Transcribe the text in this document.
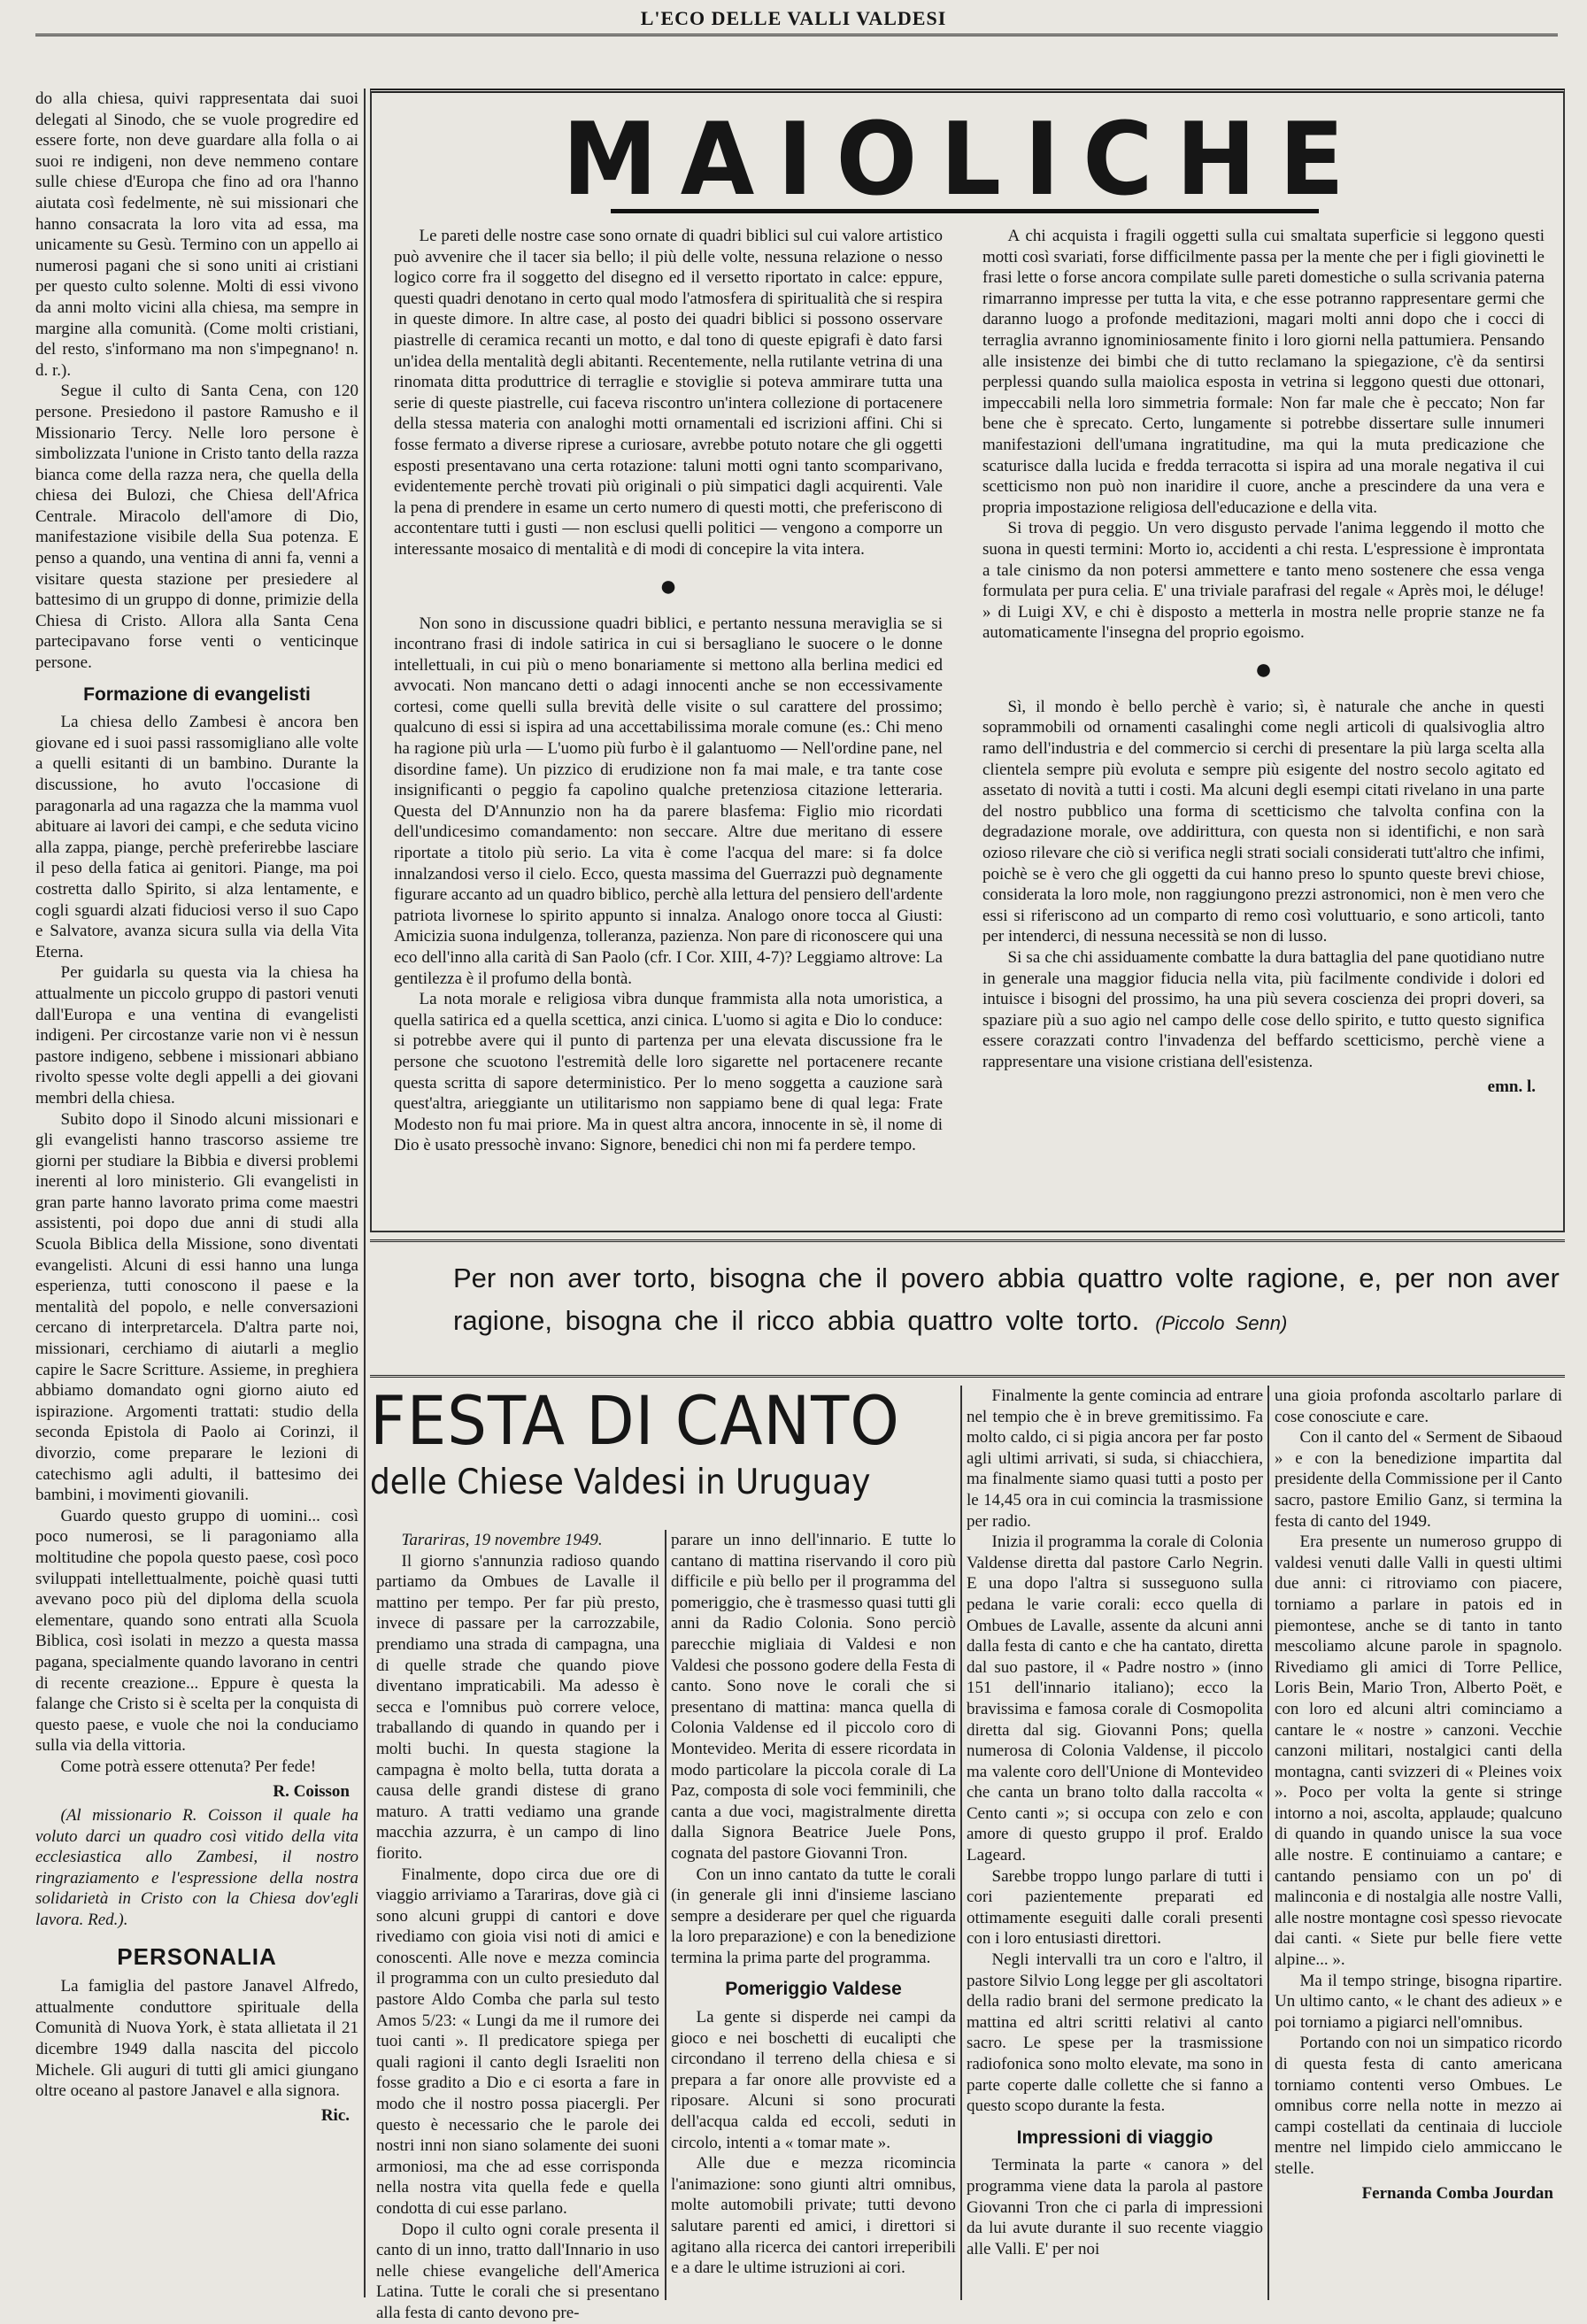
L'ECO DELLE VALLI VALDESI

do alla chiesa, quivi rappresentata dai suoi delegati al Sinodo, che se vuole progredire ed essere forte, non deve guardare alla folla o ai suoi re indigeni, non deve nemmeno contare sulle chiese d'Europa che fino ad ora l'hanno aiutata così fedelmente, nè sui missionari che hanno consacrata la loro vita ad essa, ma unicamente su Gesù. Termino con un appello ai numerosi pagani che si sono uniti ai cristiani per questo culto solenne. Molti di essi vivono da anni molto vicini alla chiesa, ma sempre in margine alla comunità. (Come molti cristiani, del resto, s'informano ma non s'impegnano! n. d. r.).

Segue il culto di Santa Cena, con 120 persone. Presiedono il pastore Ramusho e il Missionario Tercy. Nelle loro persone è simbolizzata l'unione in Cristo tanto della razza bianca come della razza nera, che quella della chiesa dei Bulozi, che Chiesa dell'Africa Centrale. Miracolo dell'amore di Dio, manifestazione visibile della Sua potenza. E penso a quando, una ventina di anni fa, venni a visitare questa stazione per presiedere al battesimo di un gruppo di donne, primizie della Chiesa di Cristo. Allora alla Santa Cena partecipavano forse venti o venticinque persone.

Formazione di evangelisti

La chiesa dello Zambesi è ancora ben giovane ed i suoi passi rassomigliano alle volte a quelli esitanti di un bambino. Durante la discussione, ho avuto l'occasione di paragonarla ad una ragazza che la mamma vuol abituare ai lavori dei campi, e che seduta vicino alla zappa, piange, perchè preferirebbe lasciare il peso della fatica ai genitori. Piange, ma poi costretta dallo Spirito, si alza lentamente, e cogli sguardi alzati fiduciosi verso il suo Capo e Salvatore, avanza sicura sulla via della Vita Eterna.

Per guidarla su questa via la chiesa ha attualmente un piccolo gruppo di pastori venuti dall'Europa e una ventina di evangelisti indigeni. Per circostanze varie non vi è nessun pastore indigeno, sebbene i missionari abbiano rivolto spesse volte degli appelli a dei giovani membri della chiesa.

Subito dopo il Sinodo alcuni missionari e gli evangelisti hanno trascorso assieme tre giorni per studiare la Bibbia e diversi problemi inerenti al loro ministerio. Gli evangelisti in gran parte hanno lavorato prima come maestri assistenti, poi dopo due anni di studi alla Scuola Biblica della Missione, sono diventati evangelisti. Alcuni di essi hanno una lunga esperienza, tutti conoscono il paese e la mentalità del popolo, e nelle conversazioni cercano di interpretarcela. D'altra parte noi, missionari, cerchiamo di aiutarli a meglio capire le Sacre Scritture. Assieme, in preghiera abbiamo domandato ogni giorno aiuto ed ispirazione. Argomenti trattati: studio della seconda Epistola di Paolo ai Corinzi, il divorzio, come preparare le lezioni di catechismo agli adulti, il battesimo dei bambini, i movimenti giovanili.

Guardo questo gruppo di uomini... così poco numerosi, se li paragoniamo alla moltitudine che popola questo paese, così poco sviluppati intellettualmente, poichè quasi tutti avevano poco più del diploma della scuola elementare, quando sono entrati alla Scuola Biblica, così isolati in mezzo a questa massa pagana, specialmente quando lavorano in centri di recente creazione... Eppure è questa la falange che Cristo si è scelta per la conquista di questo paese, e vuole che noi la conduciamo sulla via della vittoria.

Come potrà essere ottenuta? Per fede!

R. Coisson

(Al missionario R. Coisson il quale ha voluto darci un quadro così vitido della vita ecclesiastica allo Zambesi, il nostro ringraziamento e l'espressione della nostra solidarietà in Cristo con la Chiesa dov'egli lavora. Red.).

PERSONALIA

La famiglia del pastore Janavel Alfredo, attualmente conduttore spirituale della Comunità di Nuova York, è stata allietata il 21 dicembre 1949 dalla nascita del piccolo Michele. Gli auguri di tutti gli amici giungano oltre oceano al pastore Janavel e alla signora.

Ric.

MAIOLICHE

Le pareti delle nostre case sono ornate di quadri biblici sul cui valore artistico può avvenire che il tacer sia bello; il più delle volte, nessuna relazione o nesso logico corre fra il soggetto del disegno ed il versetto riportato in calce: eppure, questi quadri denotano in certo qual modo l'atmosfera di spiritualità che si respira in queste dimore. In altre case, al posto dei quadri biblici si possono osservare piastrelle di ceramica recanti un motto, e dal tono di queste epigrafi è dato farsi un'idea della mentalità degli abitanti. Recentemente, nella rutilante vetrina di una rinomata ditta produttrice di terraglie e stoviglie si poteva ammirare tutta una serie di queste piastrelle, cui faceva riscontro un'intera collezione di portacenere della stessa materia con analoghi motti ornamentali ed iscrizioni affini. Chi si fosse fermato a diverse riprese a curiosare, avrebbe potuto notare che gli oggetti esposti presentavano una certa rotazione: taluni motti ogni tanto scomparivano, evidentemente perchè trovati più originali o più simpatici dagli acquirenti. Vale la pena di prendere in esame un certo numero di questi motti, che preferiscono di accontentare tutti i gusti — non esclusi quelli politici — vengono a comporre un interessante mosaico di mentalità e di modi di concepire la vita intera.

●

Non sono in discussione quadri biblici, e pertanto nessuna meraviglia se si incontrano frasi di indole satirica in cui si bersagliano le suocere o le donne intellettuali, in cui più o meno bonariamente si mettono alla berlina medici ed avvocati. Non mancano detti o adagi innocenti anche se non eccessivamente cortesi, come quelli sulla brevità delle visite o sul carattere del prossimo; qualcuno di essi si ispira ad una accettabilissima morale comune (es.: Chi meno ha ragione più urla — L'uomo più furbo è il galantuomo — Nell'ordine pane, nel disordine fame). Un pizzico di erudizione non fa mai male, e tra tante cose insignificanti o peggio fa capolino qualche pretenziosa citazione letteraria. Questa del D'Annunzio non ha da parere blasfema: Figlio mio ricordati dell'undicesimo comandamento: non seccare. Altre due meritano di essere riportate a titolo più serio. La vita è come l'acqua del mare: si fa dolce innalzandosi verso il cielo. Ecco, questa massima del Guerrazzi può degnamente figurare accanto ad un quadro biblico, perchè alla lettura del pensiero dell'ardente patriota livornese lo spirito appunto si innalza. Analogo onore tocca al Giusti: Amicizia suona indulgenza, tolleranza, pazienza. Non pare di riconoscere qui una eco dell'inno alla carità di San Paolo (cfr. I Cor. XIII, 4-7)? Leggiamo altrove: La gentilezza è il profumo della bontà.

La nota morale e religiosa vibra dunque frammista alla nota umoristica, a quella satirica ed a quella scettica, anzi cinica. L'uomo si agita e Dio lo conduce: si potrebbe avere qui il punto di partenza per una elevata discussione fra le persone che scuotono l'estremità delle loro sigarette nel portacenere recante questa scritta di sapore deterministico. Per lo meno soggetta a cauzione sarà quest'altra, arieggiante un utilitarismo non sappiamo bene di qual lega: Frate Modesto non fu mai priore. Ma in quest altra ancora, innocente in sè, il nome di Dio è usato pressochè invano: Signore, benedici chi non mi fa perdere tempo.

A chi acquista i fragili oggetti sulla cui smaltata superficie si leggono questi motti così svariati, forse difficilmente passa per la mente che per i figli giovinetti le frasi lette o forse ancora compilate sulle pareti domestiche o sulla scrivania paterna rimarranno impresse per tutta la vita, e che esse potranno rappresentare germi che daranno luogo a profonde meditazioni, magari molti anni dopo che i cocci di terraglia avranno ignominiosamente finito i loro giorni nella pattumiera. Pensando alle insistenze dei bimbi che di tutto reclamano la spiegazione, c'è da sentirsi perplessi quando sulla maiolica esposta in vetrina si leggono questi due ottonari, impeccabili nella loro simmetria formale: Non far male che è peccato; Non far bene che è sprecato. Certo, lungamente si potrebbe dissertare sulle innumeri manifestazioni dell'umana ingratitudine, ma qui la muta predicazione che scaturisce dalla lucida e fredda terracotta si ispira ad una morale negativa il cui scetticismo non può non inaridire il cuore, anche a prescindere da una vera e propria impostazione religiosa dell'educazione e della vita.

Si trova di peggio. Un vero disgusto pervade l'anima leggendo il motto che suona in questi termini: Morto io, accidenti a chi resta. L'espressione è improntata a tale cinismo da non potersi ammettere e tanto meno sostenere che essa venga formulata per pura celia. E' una triviale parafrasi del regale « Après moi, le déluge! » di Luigi XV, e chi è disposto a metterla in mostra nelle proprie stanze ne fa automaticamente l'insegna del proprio egoismo.

●

Sì, il mondo è bello perchè è vario; sì, è naturale che anche in questi soprammobili od ornamenti casalinghi come negli articoli di qualsivoglia altro ramo dell'industria e del commercio si cerchi di presentare la più larga scelta alla clientela sempre più evoluta e sempre più esigente del nostro secolo agitato ed assetato di novità a tutti i costi. Ma alcuni degli esempi citati rivelano in una parte del nostro pubblico una forma di scetticismo che talvolta confina con la degradazione morale, ove addirittura, con questa non si identifichi, e non sarà ozioso rilevare che ciò si verifica negli strati sociali considerati tutt'altro che infimi, poichè se è vero che gli oggetti da cui hanno preso lo spunto queste brevi chiose, considerata la loro mole, non raggiungono prezzi astronomici, non è men vero che essi si riferiscono ad un comparto di remo così voluttuario, e sono articoli, tanto per intenderci, di nessuna necessità se non di lusso.

Si sa che chi assiduamente combatte la dura battaglia del pane quotidiano nutre in generale una maggior fiducia nella vita, più facilmente condivide i dolori ed intuisce i bisogni del prossimo, ha una più severa coscienza dei propri doveri, sa spaziare più a suo agio nel campo delle cose dello spirito, e tutto questo significa essere corazzati contro l'invadenza del beffardo scetticismo, perchè viene a rappresentare una visione cristiana dell'esistenza.

emn. l.

Per non aver torto, bisogna che il povero abbia quattro volte ragione, e, per non aver ragione, bisogna che il ricco abbia quattro volte torto. (Piccolo Senn)
FESTA DI CANTO
delle Chiese Valdesi in Uruguay

Tarariras, 19 novembre 1949.

Il giorno s'annunzia radioso quando partiamo da Ombues de Lavalle il mattino per tempo. Per far più presto, invece di passare per la carrozzabile, prendiamo una strada di campagna, una di quelle strade che quando piove diventano impraticabili. Ma adesso è secca e l'omnibus può correre veloce, traballando di quando in quando per i molti buchi. In questa stagione la campagna è molto bella, tutta dorata a causa delle grandi distese di grano maturo. A tratti vediamo una grande macchia azzurra, è un campo di lino fiorito.

Finalmente, dopo circa due ore di viaggio arriviamo a Tarariras, dove già ci sono alcuni gruppi di cantori e dove rivediamo con gioia visi noti di amici e conoscenti. Alle nove e mezza comincia il programma con un culto presieduto dal pastore Aldo Comba che parla sul testo Amos 5/23: « Lungi da me il rumore dei tuoi canti ». Il predicatore spiega per quali ragioni il canto degli Israeliti non fosse gradito a Dio e ci esorta a fare in modo che il nostro possa piacergli. Per questo è necessario che le parole dei nostri inni non siano solamente dei suoni armoniosi, ma che ad esse corrisponda nella nostra vita quella fede e quella condotta di cui esse parlano.

Dopo il culto ogni corale presenta il canto di un inno, tratto dall'Innario in uso nelle chiese evangeliche dell'America Latina. Tutte le corali che si presentano alla festa di canto devono pre-

parare un inno dell'innario. E tutte lo cantano di mattina riservando il coro più difficile e più bello per il programma del pomeriggio, che è trasmesso quasi tutti gli anni da Radio Colonia. Sono perciò parecchie migliaia di Valdesi e non Valdesi che possono godere della Festa di canto. Sono nove le corali che si presentano di mattina: manca quella di Colonia Valdense ed il piccolo coro di Montevideo. Merita di essere ricordata in modo particolare la piccola corale di La Paz, composta di sole voci femminili, che canta a due voci, magistralmente diretta dalla Signora Beatrice Juele Pons, cognata del pastore Giovanni Tron.

Con un inno cantato da tutte le corali (in generale gli inni d'insieme lasciano sempre a desiderare per quel che riguarda la loro preparazione) e con la benedizione termina la prima parte del programma.

Pomeriggio Valdese

La gente si disperde nei campi da gioco e nei boschetti di eucalipti che circondano il terreno della chiesa e si prepara a far onore alle provviste ed a riposare. Alcuni si sono procurati dell'acqua calda ed eccoli, seduti in circolo, intenti a « tomar mate ».

Alle due e mezza ricomincia l'animazione: sono giunti altri omnibus, molte automobili private; tutti devono salutare parenti ed amici, i direttori si agitano alla ricerca dei cantori irreperibili e a dare le ultime istruzioni ai cori.

Finalmente la gente comincia ad entrare nel tempio che è in breve gremitissimo. Fa molto caldo, ci si pigia ancora per far posto agli ultimi arrivati, si suda, si chiacchiera, ma finalmente siamo quasi tutti a posto per le 14,45 ora in cui comincia la trasmissione per radio.

Inizia il programma la corale di Colonia Valdense diretta dal pastore Carlo Negrin. E una dopo l'altra si susseguono sulla pedana le varie corali: ecco quella di Ombues de Lavalle, assente da alcuni anni dalla festa di canto e che ha cantato, diretta dal suo pastore, il « Padre nostro » (inno 151 dell'innario italiano); ecco la bravissima e famosa corale di Cosmopolita diretta dal sig. Giovanni Pons; quella numerosa di Colonia Valdense, il piccolo ma valente coro dell'Unione di Montevideo che canta un brano tolto dalla raccolta « Cento canti »; si occupa con zelo e con amore di questo gruppo il prof. Eraldo Lageard.

Sarebbe troppo lungo parlare di tutti i cori pazientemente preparati ed ottimamente eseguiti dalle corali presenti con i loro entusiasti direttori.

Negli intervalli tra un coro e l'altro, il pastore Silvio Long legge per gli ascoltatori della radio brani del sermone predicato la mattina ed altri scritti relativi al canto sacro. Le spese per la trasmissione radiofonica sono molto elevate, ma sono in parte coperte dalle collette che si fanno a questo scopo durante la festa.

Impressioni di viaggio

Terminata la parte « canora » del programma viene data la parola al pastore Giovanni Tron che ci parla di impressioni da lui avute durante il suo recente viaggio alle Valli. E' per noi

una gioia profonda ascoltarlo parlare di cose conosciute e care.

Con il canto del « Serment de Sibaoud » e con la benedizione impartita dal presidente della Commissione per il Canto sacro, pastore Emilio Ganz, si termina la festa di canto del 1949.

Era presente un numeroso gruppo di valdesi venuti dalle Valli in questi ultimi due anni: ci ritroviamo con piacere, torniamo a parlare in patois ed in piemontese, anche se di tanto in tanto mescoliamo alcune parole in spagnolo. Rivediamo gli amici di Torre Pellice, Loris Bein, Mario Tron, Alberto Poët, e con loro ed alcuni altri cominciamo a cantare le « nostre » canzoni. Vecchie canzoni militari, nostalgici canti della montagna, canti svizzeri di « Pleines voix ». Poco per volta la gente si stringe intorno a noi, ascolta, applaude; qualcuno di quando in quando unisce la sua voce alle nostre. E continuiamo a cantare; e cantando pensiamo con un po' di malinconia e di nostalgia alle nostre Valli, alle nostre montagne così spesso rievocate dai canti. « Siete pur belle fiere vette alpine... ».

Ma il tempo stringe, bisogna ripartire. Un ultimo canto, « le chant des adieux » e poi torniamo a pigiarci nell'omnibus.

Portando con noi un simpatico ricordo di questa festa di canto americana torniamo contenti verso Ombues. Le omnibus corre nella notte in mezzo ai campi costellati da centinaia di lucciole mentre nel limpido cielo ammiccano le stelle.

Fernanda Comba Jourdan
